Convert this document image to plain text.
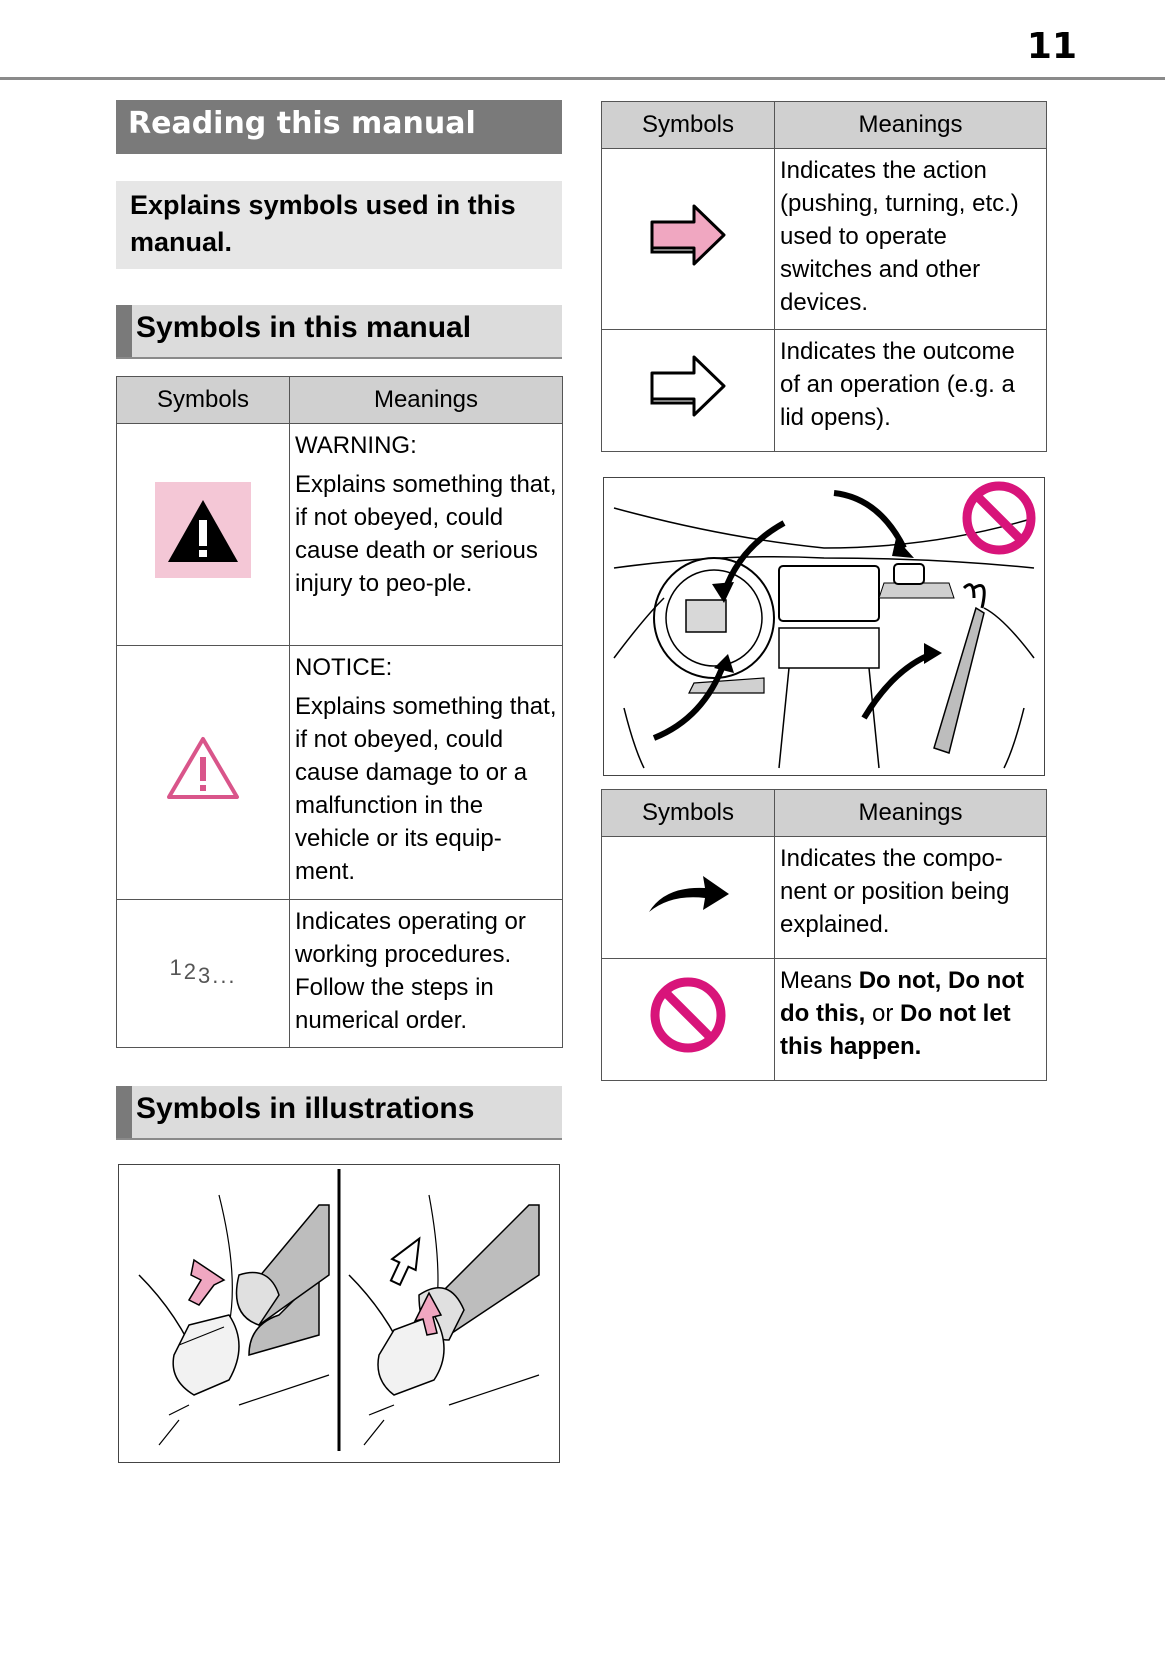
11
Reading this manual
Explains symbols used in this manual.
Symbols in this manual
Symbols	Meanings
	WARNING:
Explains something that, if not obeyed, could cause death or serious injury to peo-ple.
	NOTICE:
Explains something that, if not obeyed, could cause damage to or a malfunction in the vehicle or its equip-ment.
123...	Indicates operating or working procedures. Follow the steps in numerical order.
Symbols in illustrations
Symbols	Meanings
	Indicates the action (pushing, turning, etc.) used to operate switches and other devices.
	Indicates the outcome of an operation (e.g. a lid opens).
Symbols	Meanings
	Indicates the compo-nent or position being explained.
	Means Do not, Do not do this, or Do not let this happen.
